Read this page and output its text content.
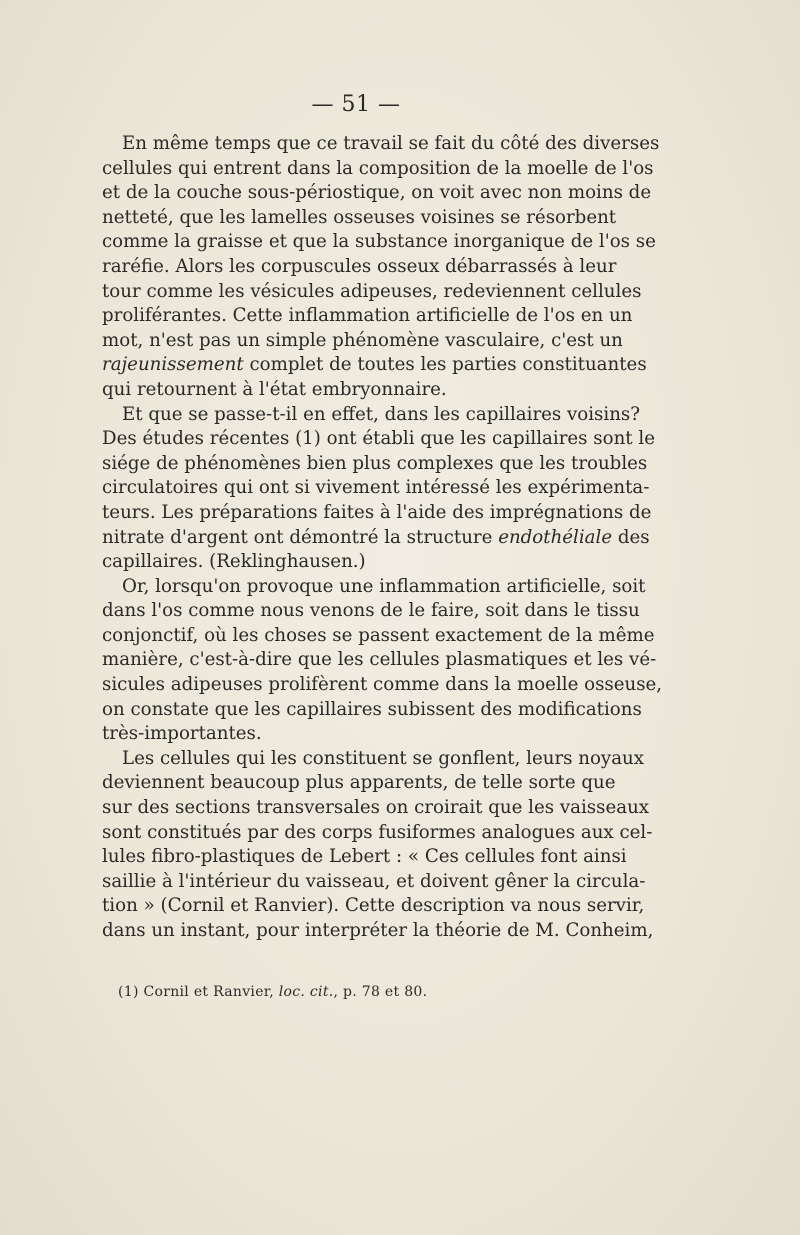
— 51 —
En même temps que ce travail se fait du côté des diverses
cellules qui entrent dans la composition de la moelle de l'os
et de la couche sous-périostique, on voit avec non moins de
netteté, que les lamelles osseuses voisines se résorbent
comme la graisse et que la substance inorganique de l'os se
raréfie. Alors les corpuscules osseux débarrassés à leur
tour comme les vésicules adipeuses, redeviennent cellules
proliférantes. Cette inflammation artificielle de l'os en un
mot, n'est pas un simple phénomène vasculaire, c'est un
rajeunissement complet de toutes les parties constituantes
qui retournent à l'état embryonnaire.
Et que se passe-t-il en effet, dans les capillaires voisins?
Des études récentes (1) ont établi que les capillaires sont le
siége de phénomènes bien plus complexes que les troubles
circulatoires qui ont si vivement intéressé les expérimenta-
teurs. Les préparations faites à l'aide des imprégnations de
nitrate d'argent ont démontré la structure endothéliale des
capillaires. (Reklinghausen.)
Or, lorsqu'on provoque une inflammation artificielle, soit
dans l'os comme nous venons de le faire, soit dans le tissu
conjonctif, où les choses se passent exactement de la même
manière, c'est-à-dire que les cellules plasmatiques et les vé-
sicules adipeuses prolifèrent comme dans la moelle osseuse,
on constate que les capillaires subissent des modifications
très-importantes.
Les cellules qui les constituent se gonflent, leurs noyaux
deviennent beaucoup plus apparents, de telle sorte que
sur des sections transversales on croirait que les vaisseaux
sont constitués par des corps fusiformes analogues aux cel-
lules fibro-plastiques de Lebert : « Ces cellules font ainsi
saillie à l'intérieur du vaisseau, et doivent gêner la circula-
tion » (Cornil et Ranvier). Cette description va nous servir,
dans un instant, pour interpréter la théorie de M. Conheim,
(1) Cornil et Ranvier, loc. cit., p. 78 et 80.
